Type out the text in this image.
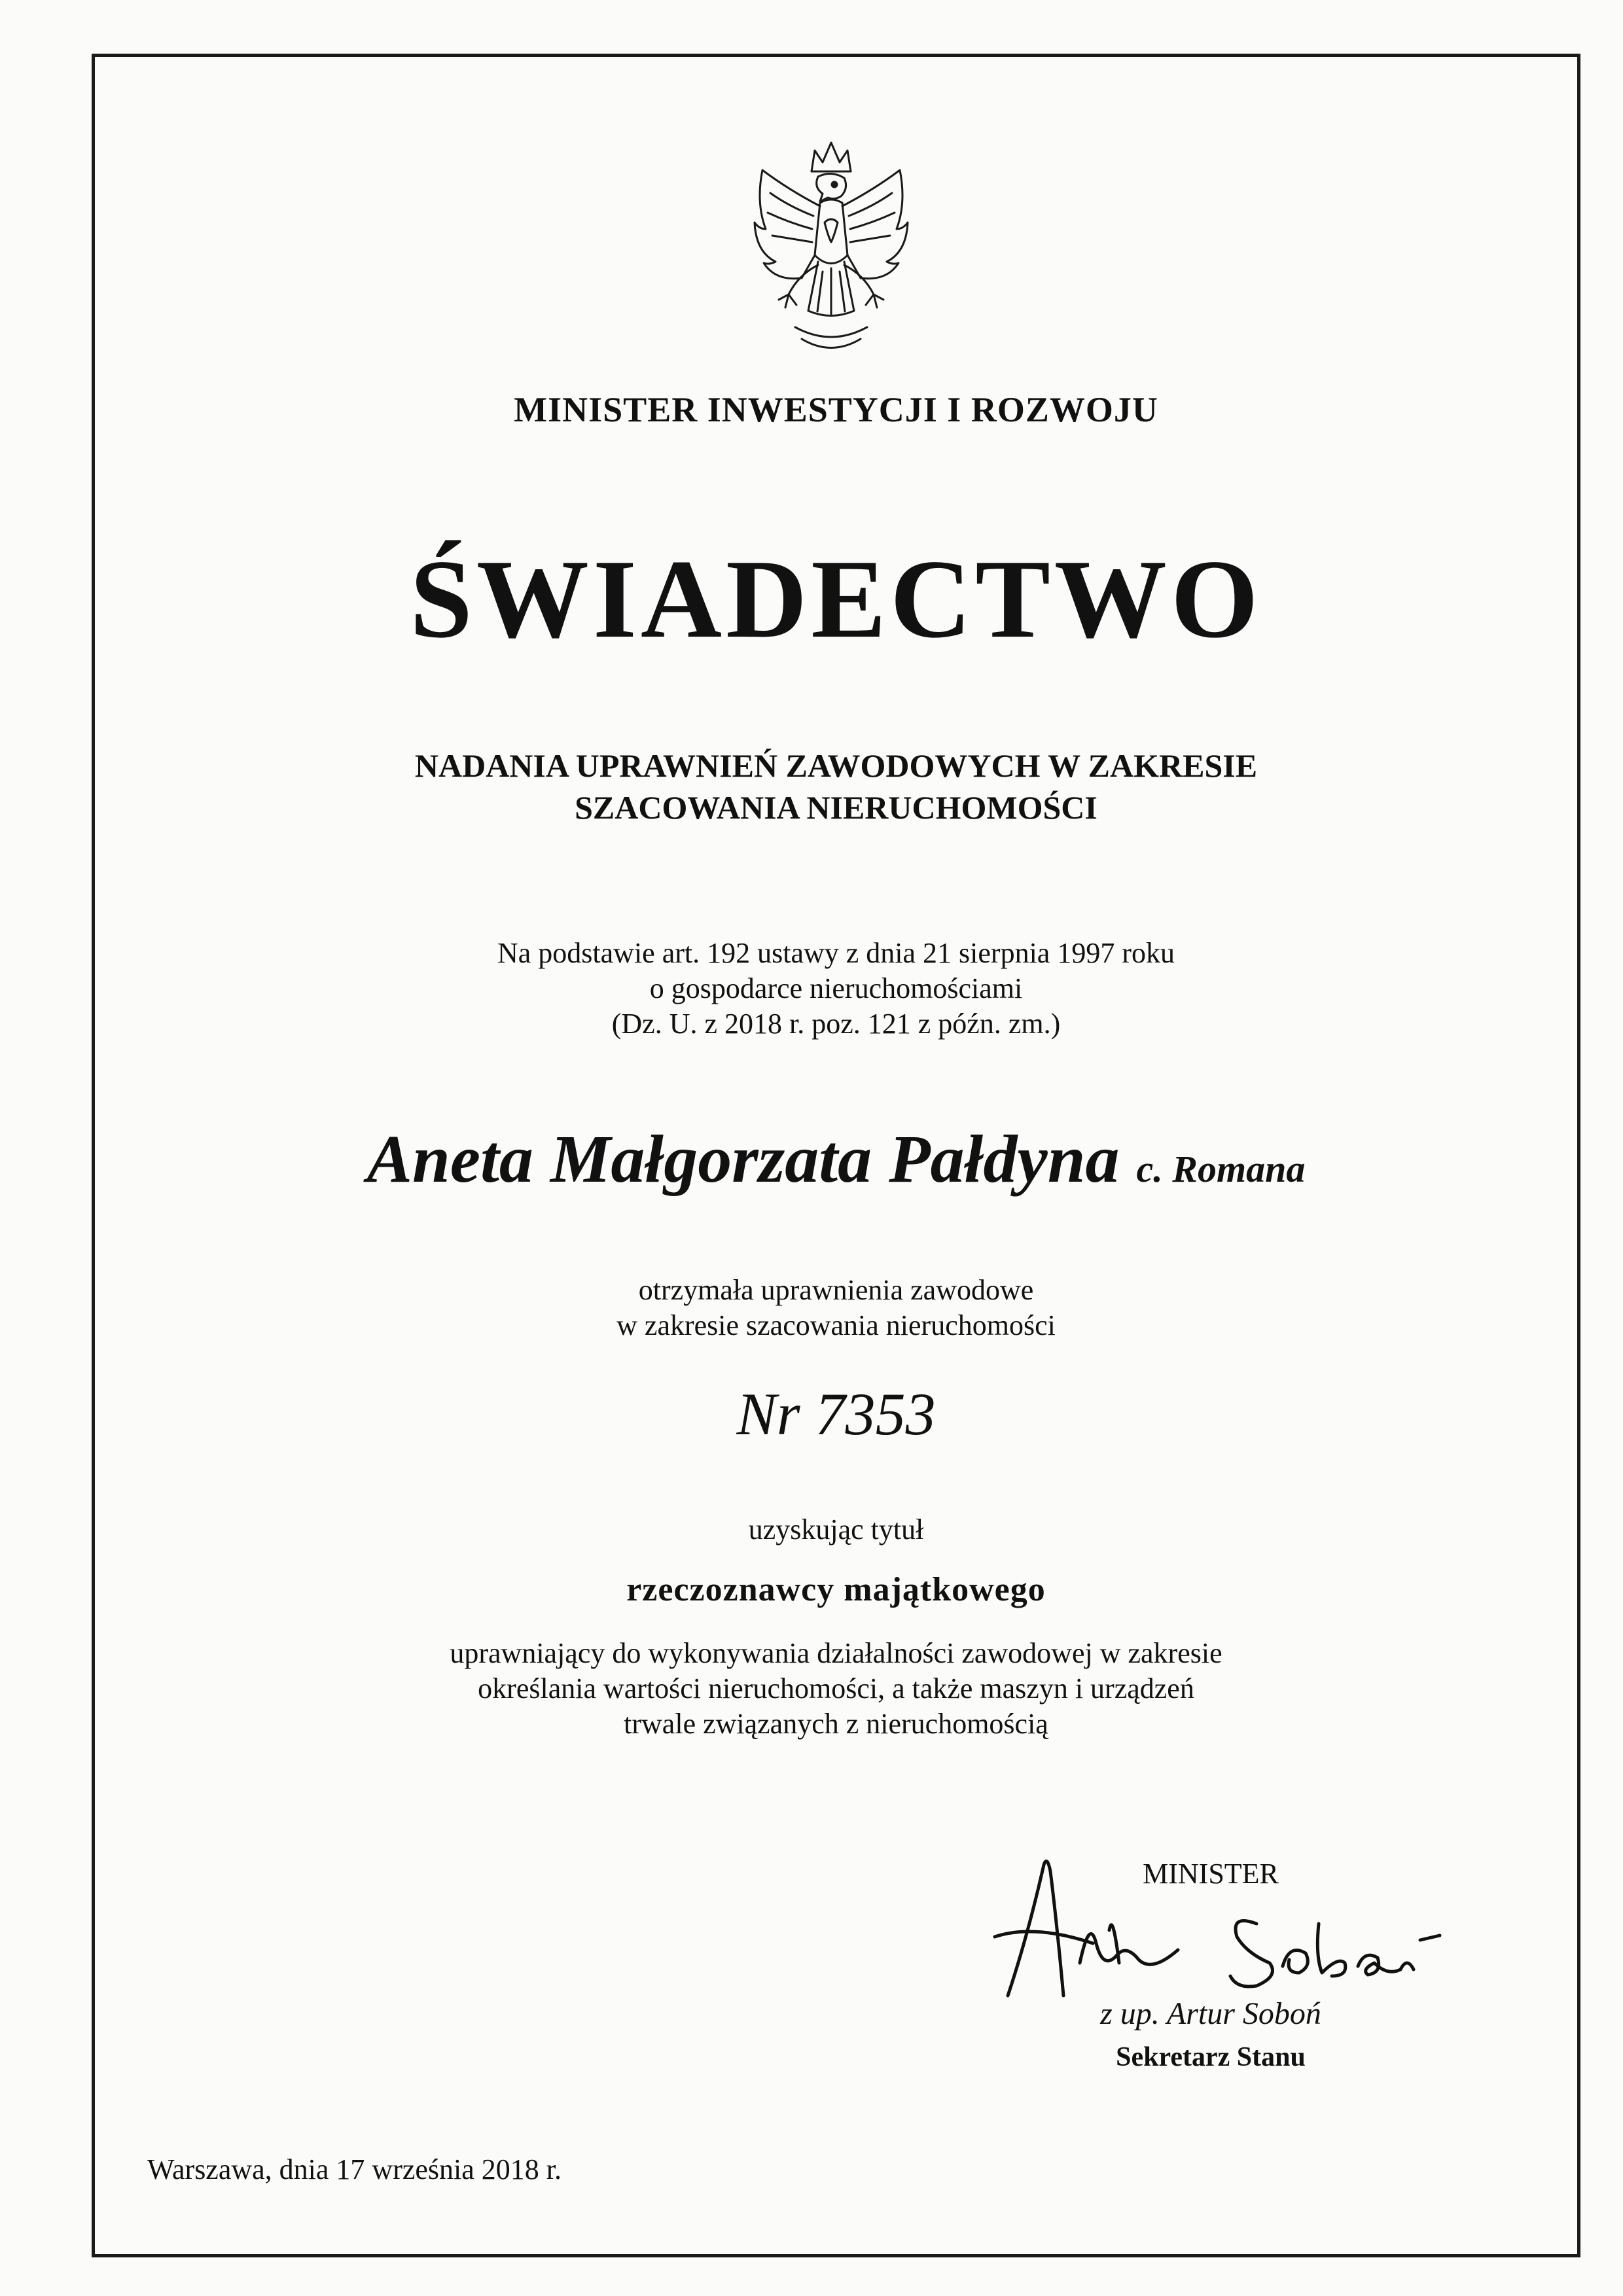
MINISTER INWESTYCJI I ROZWOJU

ŚWIADECTWO
NADANIA UPRAWNIEŃ ZAWODOWYCH W ZAKRESIE
SZACOWANIA NIERUCHOMOŚCI
Na podstawie art. 192 ustawy z dnia 21 sierpnia 1997 roku
o gospodarce nieruchomościami
(Dz. U. z 2018 r. poz. 121 z późn. zm.)

Aneta Małgorzata Pałdyna c. Romana

otrzymała uprawnienia zawodowe
w zakresie szacowania nieruchomości

Nr 7353

uzyskując tytuł

rzeczoznawcy majątkowego

uprawniający do wykonywania działalności zawodowej w zakresie
określania wartości nieruchomości, a także maszyn i urządzeń
trwale związanych z nieruchomością

MINISTER

z up. Artur Soboń

Sekretarz Stanu

Warszawa, dnia 17 września 2018 r.
